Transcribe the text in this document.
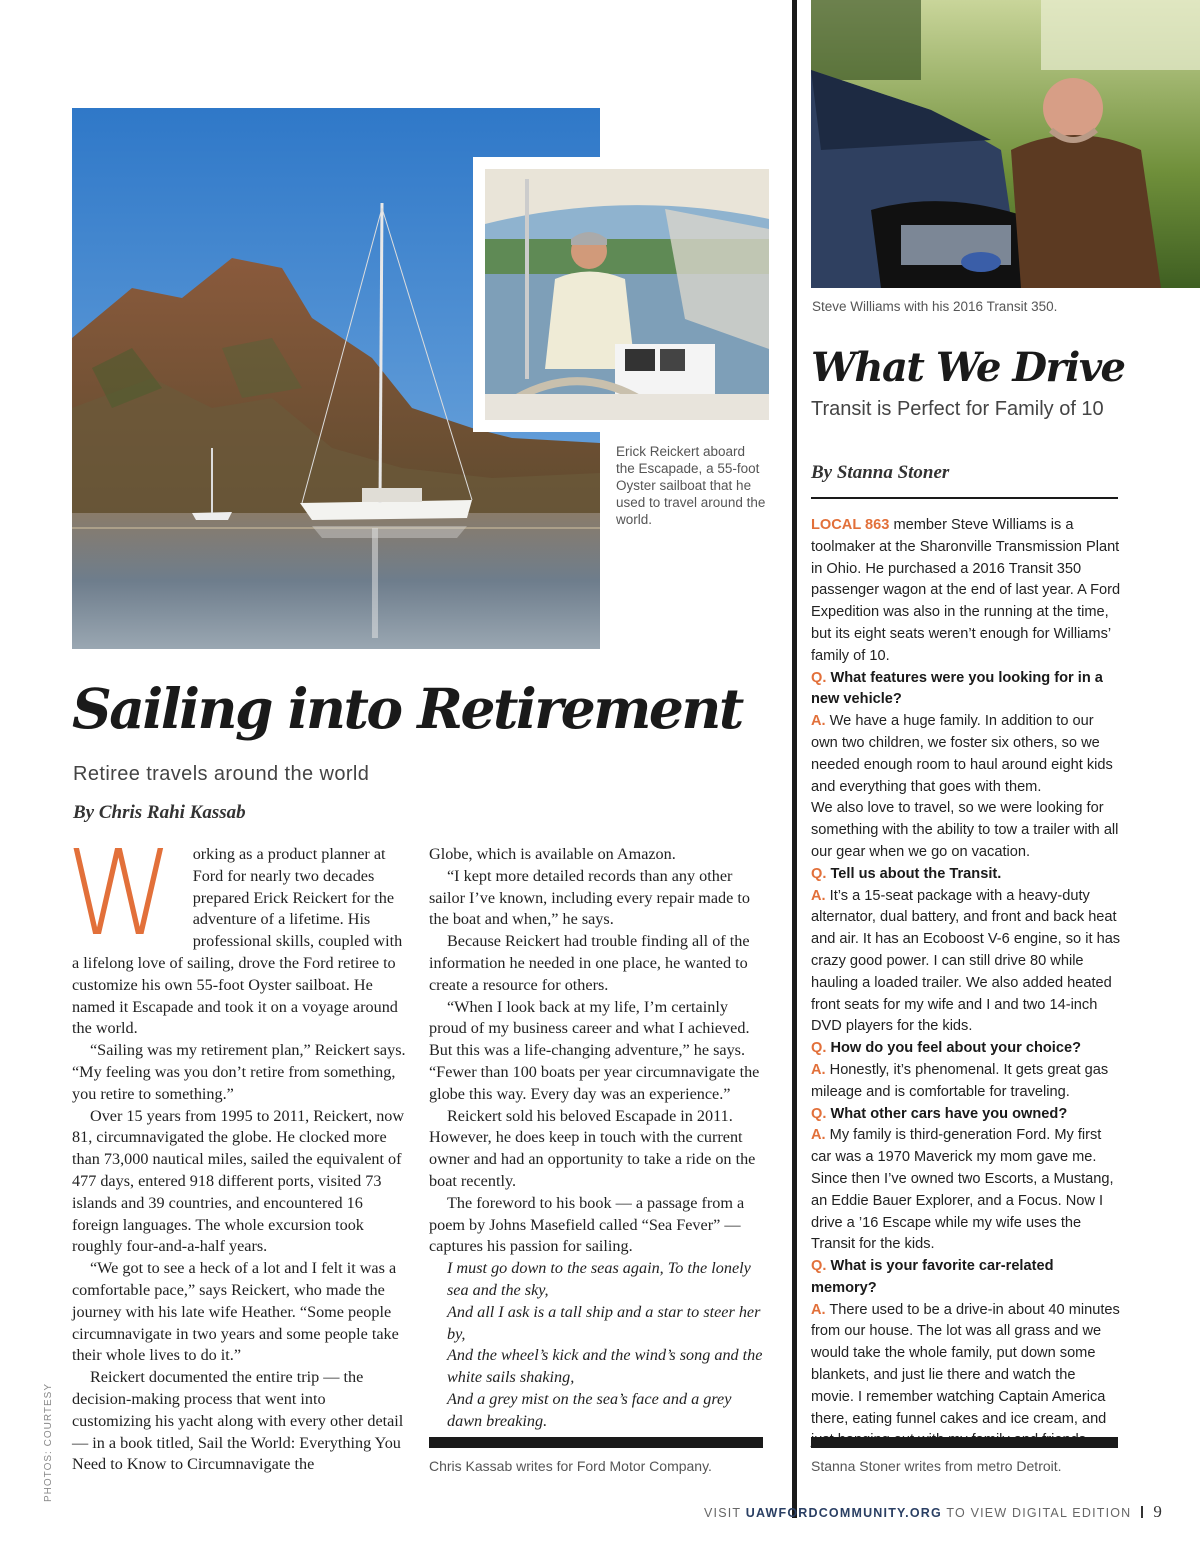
Erick Reickert aboard the Escapade, a 55-foot Oyster sailboat that he used to travel around the world.
Sailing into Retirement
Retiree travels around the world
By Chris Rahi Kassab
W	orking as a product planner at Ford for nearly two decades prepared Erick Reickert for the adventure of a lifetime. His professional skills, coupled with a lifelong love of sailing, drove the Ford retiree to customize his own 55-foot Oyster sailboat. He named it Escapade and took it on a voyage around the world.

“Sailing was my retirement plan,” Reickert says. “My feeling was you don’t retire from something, you retire to something.”

Over 15 years from 1995 to 2011, Reickert, now 81, circumnavigated the globe. He clocked more than 73,000 nautical miles, sailed the equivalent of 477 days, entered 918 different ports, visited 73 islands and 39 countries, and encountered 16 foreign languages. The whole excursion took roughly four-and-a-half years.

“We got to see a heck of a lot and I felt it was a comfortable pace,” says Reickert, who made the journey with his late wife Heather. “Some people circumnavigate in two years and some people take their whole lives to do it.”

Reickert documented the entire trip — the decision-making process that went into customizing his yacht along with every other detail — in a book titled, Sail the World: Everything You Need to Know to Circumnavigate the

Globe, which is available on Amazon.

“I kept more detailed records than any other sailor I’ve known, including every repair made to the boat and when,” he says.

Because Reickert had trouble finding all of the information he needed in one place, he wanted to create a resource for others.

“When I look back at my life, I’m certainly proud of my business career and what I achieved. But this was a life-changing adventure,” he says. “Fewer than 100 boats per year circumnavigate the globe this way. Every day was an experience.”

Reickert sold his beloved Escapade in 2011. However, he does keep in touch with the current owner and had an opportunity to take a ride on the boat recently.

The foreword to his book — a passage from a poem by Johns Masefield called “Sea Fever” — captures his passion for sailing.

I must go down to the seas again, To the lonely sea and the sky,

And all I ask is a tall ship and a star to steer her by,

And the wheel’s kick and the wind’s song and the white sails shaking,

And a grey mist on the sea’s face and a grey dawn breaking.

Chris Kassab writes for Ford Motor Company.
PHOTOS: COURTESY
Steve Williams with his 2016 Transit 350.
What We Drive
Transit is Perfect for Family of 10
By Stanna Stoner

LOCAL 863 member Steve Williams is a toolmaker at the Sharonville Transmission Plant in Ohio. He purchased a 2016 Transit 350 passenger wagon at the end of last year. A Ford Expedition was also in the running at the time, but its eight seats weren’t enough for Williams’ family of 10.

Q. What features were you looking for in a new vehicle?

A. We have a huge family. In addition to our own two children, we foster six others, so we needed enough room to haul around eight kids and everything that goes with them.

We also love to travel, so we were looking for something with the ability to tow a trailer with all our gear when we go on vacation.

Q. Tell us about the Transit.

A. It’s a 15-seat package with a heavy-duty alternator, dual battery, and front and back heat and air. It has an Ecoboost V-6 engine, so it has crazy good power. I can still drive 80 while hauling a loaded trailer. We also added heated front seats for my wife and I and two 14-inch DVD players for the kids.

Q. How do you feel about your choice?

A. Honestly, it’s phenomenal. It gets great gas mileage and is comfortable for traveling.

Q. What other cars have you owned?

A. My family is third-generation Ford. My first car was a 1970 Maverick my mom gave me. Since then I’ve owned two Escorts, a Mustang, an Eddie Bauer Explorer, and a Focus. Now I drive a ’16 Escape while my wife uses the Transit for the kids.

Q. What is your favorite car-related memory?

A. There used to be a drive-in about 40 minutes from our house. The lot was all grass and we would take the whole family, put down some blankets, and just lie there and watch the movie. I remember watching Captain America there, eating funnel cakes and ice cream, and

Stanna Stoner writes from metro Detroit.
VISIT UAWFORDCOMMUNITY.ORG TO VIEW DIGITAL EDITION 9
